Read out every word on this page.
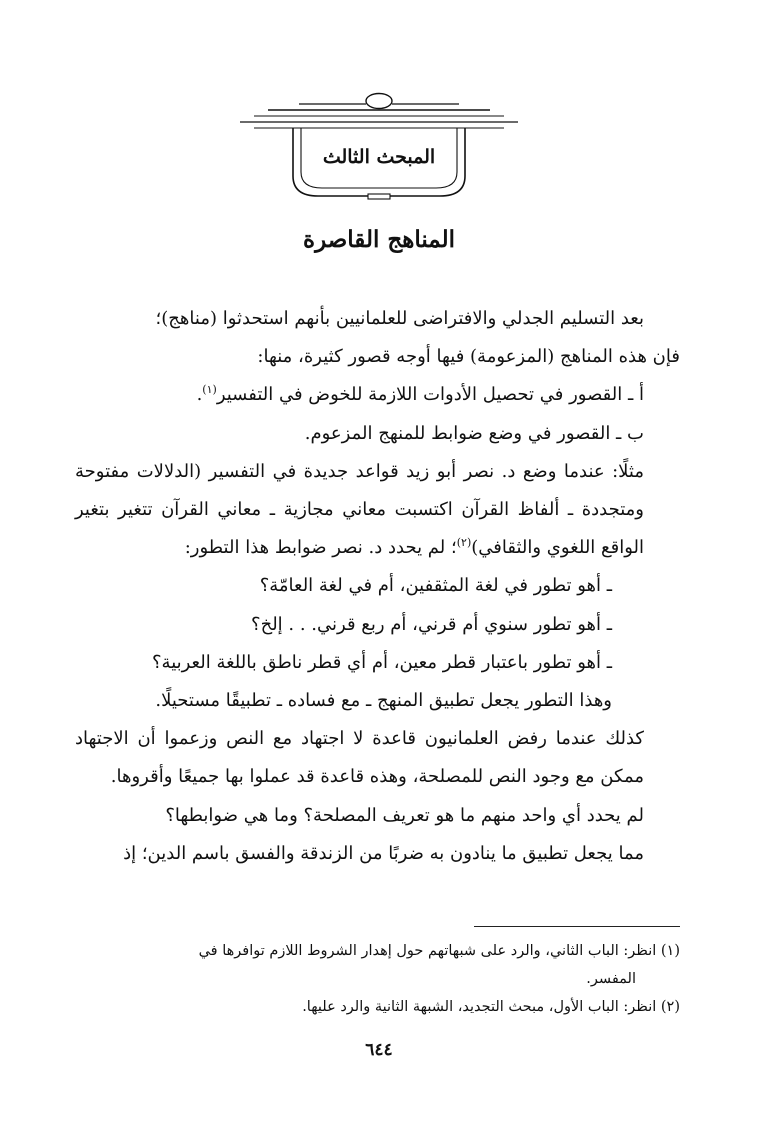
المبحث الثالث
المناهج القاصرة

بعد التسليم الجدلي والافتراضى للعلمانيين بأنهم استحدثوا (مناهج)؛

فإن هذه المناهج (المزعومة) فيها أوجه قصور كثيرة، منها:

أ ـ القصور في تحصيل الأدوات اللازمة للخوض في التفسير$^{(١)}$.

ب ـ القصور في وضع ضوابط للمنهج المزعوم.

مثلًا: عندما وضع د. نصر أبو زيد قواعد جديدة في التفسير (الدلالات مفتوحة ومتجددة ـ ألفاظ القرآن اكتسبت معاني مجازية ـ معاني القرآن تتغير بتغير الواقع اللغوي والثقافي)$^{(٢)}$؛ لم يحدد د. نصر ضوابط هذا التطور:

ـ أهو تطور في لغة المثقفين، أم في لغة العامّة؟

ـ أهو تطور سنوي أم قرني، أم ربع قرني. . . إلخ؟

ـ أهو تطور باعتبار قطر معين، أم أي قطر ناطق باللغة العربية؟

وهذا التطور يجعل تطبيق المنهج ـ مع فساده ـ تطبيقًا مستحيلًا.

كذلك عندما رفض العلمانيون قاعدة لا اجتهاد مع النص وزعموا أن الاجتهاد ممكن مع وجود النص للمصلحة، وهذه قاعدة قد عملوا بها جميعًا وأقروها.

لم يحدد أي واحد منهم ما هو تعريف المصلحة؟ وما هي ضوابطها؟

مما يجعل تطبيق ما ينادون به ضربًا من الزندقة والفسق باسم الدين؛ إذ

(١) انظر: الباب الثاني، والرد على شبهاتهم حول إهدار الشروط اللازم توافرها في

المفسر.

(٢) انظر: الباب الأول، مبحث التجديد، الشبهة الثانية والرد عليها.

٦٤٤
